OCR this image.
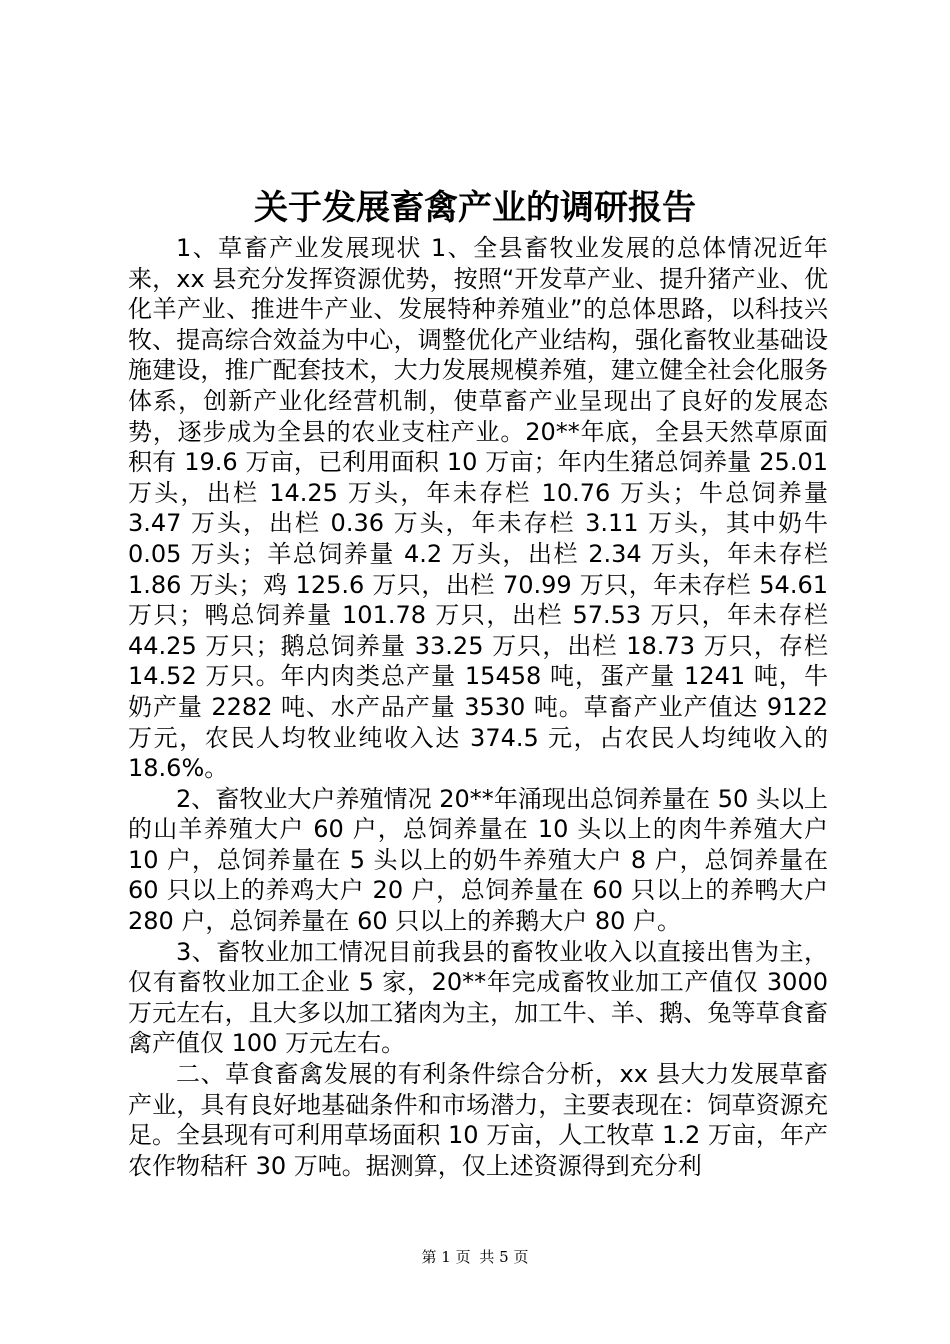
关于发展畜禽产业的调研报告

1、草畜产业发展现状 1、全县畜牧业发展的总体情况近年来，xx 县充分发挥资源优势，按照“开发草产业、提升猪产业、优化羊产业、推进牛产业、发展特种养殖业”的总体思路，以科技兴牧、提高综合效益为中心，调整优化产业结构，强化畜牧业基础设施建设，推广配套技术，大力发展规模养殖，建立健全社会化服务体系，创新产业化经营机制，使草畜产业呈现出了良好的发展态势，逐步成为全县的农业支柱产业。20**年底，全县天然草原面积有 19.6 万亩，已利用面积 10 万亩；年内生猪总饲养量 25.01 万头，出栏 14.25 万头，年未存栏 10.76 万头；牛总饲养量 3.47 万头，出栏 0.36 万头，年未存栏 3.11 万头，其中奶牛 0.05 万头；羊总饲养量 4.2 万头，出栏 2.34 万头，年未存栏 1.86 万头；鸡 125.6 万只，出栏 70.99 万只，年未存栏 54.61 万只；鸭总饲养量 101.78 万只，出栏 57.53 万只，年未存栏 44.25 万只；鹅总饲养量 33.25 万只，出栏 18.73 万只，存栏 14.52 万只。年内肉类总产量 15458 吨，蛋产量 1241 吨，牛奶产量 2282 吨、水产品产量 3530 吨。草畜产业产值达 9122 万元，农民人均牧业纯收入达 374.5 元，占农民人均纯收入的 18.6%。

2、畜牧业大户养殖情况 20**年涌现出总饲养量在 50 头以上的山羊养殖大户 60 户，总饲养量在 10 头以上的肉牛养殖大户 10 户，总饲养量在 5 头以上的奶牛养殖大户 8 户，总饲养量在 60 只以上的养鸡大户 20 户，总饲养量在 60 只以上的养鸭大户 280 户，总饲养量在 60 只以上的养鹅大户 80 户。

3、畜牧业加工情况目前我县的畜牧业收入以直接出售为主，仅有畜牧业加工企业 5 家，20**年完成畜牧业加工产值仅 3000 万元左右，且大多以加工猪肉为主，加工牛、羊、鹅、兔等草食畜禽产值仅 100 万元左右。

二、草食畜禽发展的有利条件综合分析，xx 县大力发展草畜产业，具有良好地基础条件和市场潜力，主要表现在：饲草资源充足。全县现有可利用草场面积 10 万亩，人工牧草 1.2 万亩，年产农作物秸秆 30 万吨。据测算，仅上述资源得到充分利

第 1 页 共 5 页
